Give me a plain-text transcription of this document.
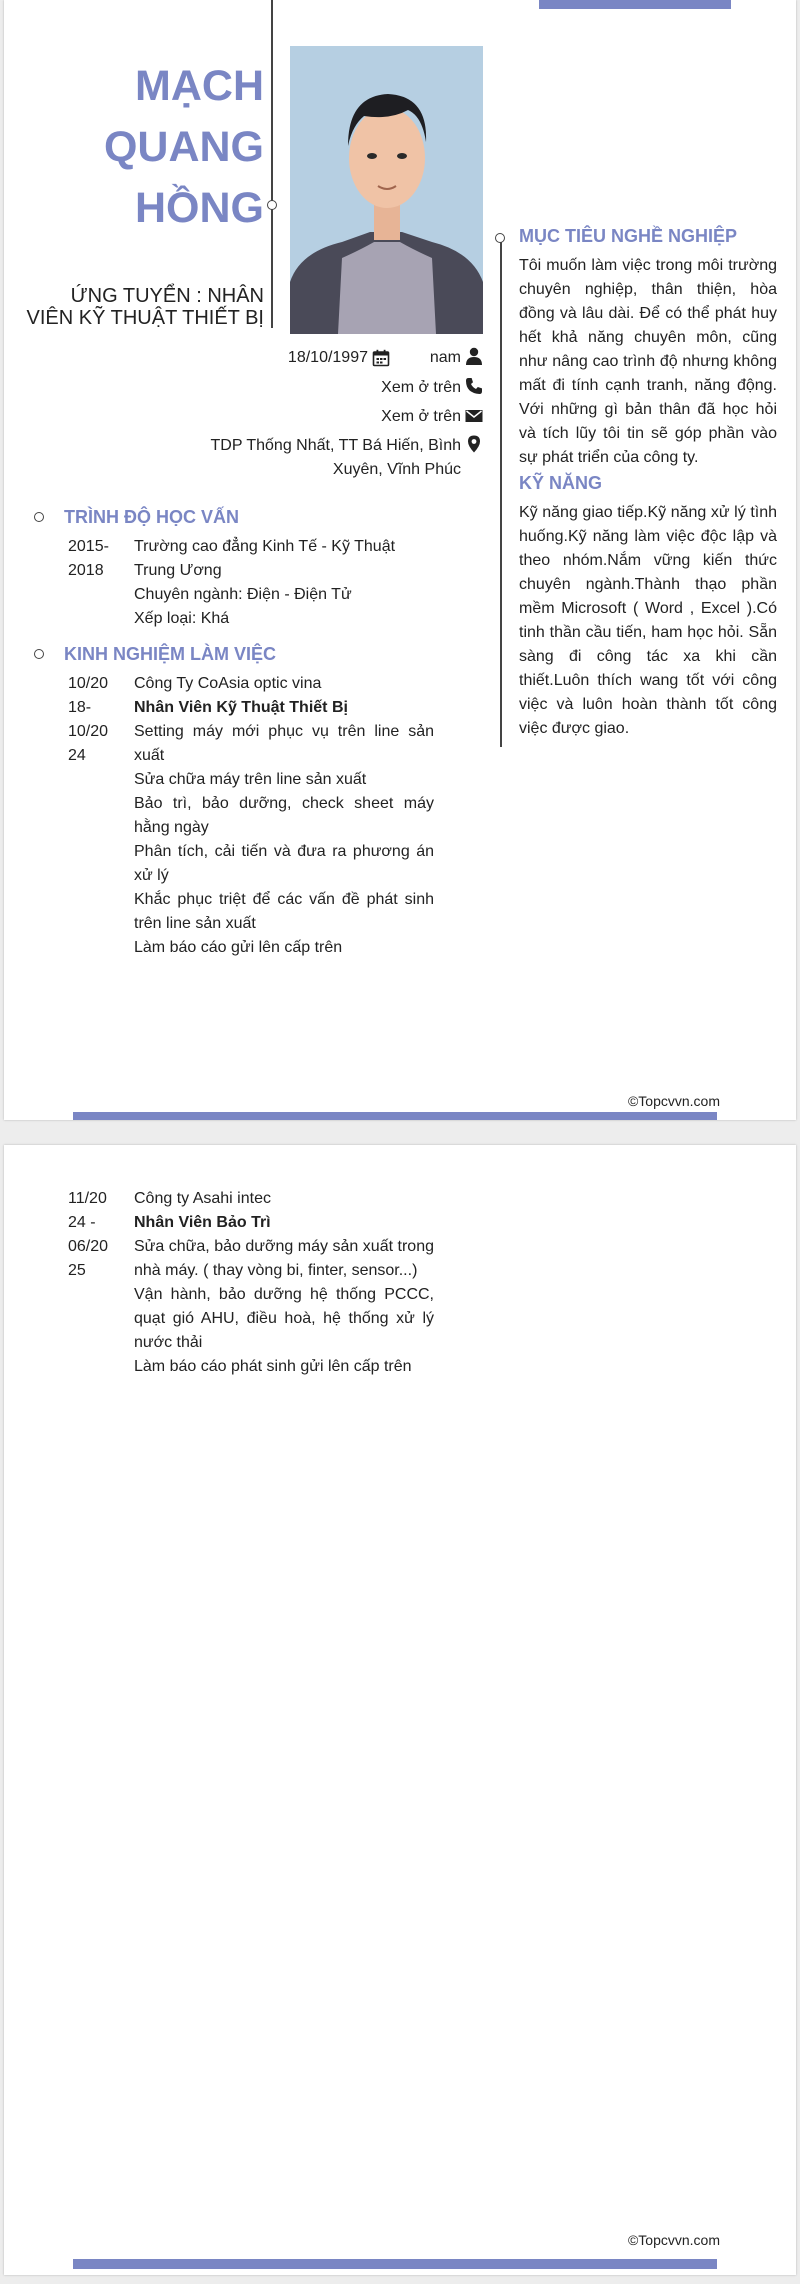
MẠCH
QUANG
HỒNG
ỨNG TUYỂN : NHÂN
VIÊN KỸ THUẬT THIẾT BỊ
18/10/1997	nam
Xem ở trên
Xem ở trên
TDP Thống Nhất, TT Bá Hiến, Bình
Xuyên, Vĩnh Phúc
MỤC TIÊU NGHỀ NGHIỆP
Tôi muốn làm việc trong môi trường chuyên nghiệp, thân thiện, hòa đồng và lâu dài. Để có thể phát huy hết khả năng chuyên môn, cũng như nâng cao trình độ nhưng không mất đi tính cạnh tranh, năng động. Với những gì bản thân đã học hỏi và tích lũy tôi tin sẽ góp phần vào sự phát triển của công ty.
KỸ NĂNG
Kỹ năng giao tiếp.Kỹ năng xử lý tình huống.Kỹ năng làm việc độc lập và theo nhóm.Nắm vững kiến thức chuyên ngành.Thành thạo phần mềm Microsoft ( Word , Excel ).Có tinh thần cầu tiến, ham học hỏi. Sẵn sàng đi công tác xa khi cần thiết.Luôn thích wang tốt với công việc và luôn hoàn thành tốt công việc được giao.
TRÌNH ĐỘ HỌC VẤN
2015-
2018
Trường cao đẳng Kinh Tế - Kỹ Thuật
Trung Ương
Chuyên ngành: Điện - Điện Tử
Xếp loại: Khá
KINH NGHIỆM LÀM VIỆC
10/20
18-
10/20
24
Công Ty CoAsia optic vina
Nhân Viên Kỹ Thuật Thiết Bị
Setting máy mới phục vụ trên line sản xuất
Sửa chữa máy trên line sản xuất
Bảo trì, bảo dưỡng, check sheet máy hằng ngày
Phân tích, cải tiến và đưa ra phương án xử lý
Khắc phục triệt để các vấn đề phát sinh trên line sản xuất
Làm báo cáo gửi lên cấp trên
©Topcvvn.com
11/20
24 -
06/20
25
Công ty Asahi intec
Nhân Viên Bảo Trì
Sửa chữa, bảo dưỡng máy sản xuất trong nhà máy. ( thay vòng bi, finter, sensor...)
Vận hành, bảo dưỡng hệ thống PCCC, quạt gió AHU, điều hoà, hệ thống xử lý nước thải
Làm báo cáo phát sinh gửi lên cấp trên
©Topcvvn.com
